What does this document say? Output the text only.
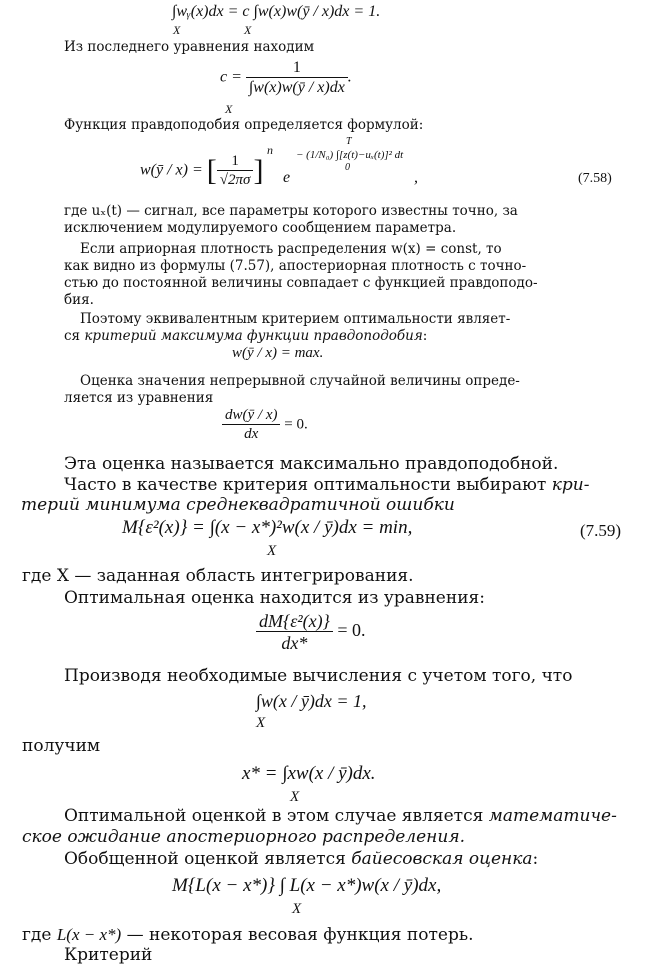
∫wᵧ(x)dx = c ∫w(x)w(ȳ / x)dx = 1.
X	X
Из последнего уравнения находим
$c = \frac{1}{\int w(x)w(ȳ / x)dx}$ .
X
Функция правдоподобия определяется формулой:
w(ȳ / x) = [ $\frac{1}{√2\pi\sigma}$ ]
n
e
− (1/N₀) ∫[z(t)−uₓ(t)]² dt
T
0
,	(7.58)
где uₓ(t) — сигнал, все параметры которого известны точно, за
исключением модулируемого сообщением параметра.
Если априорная плотность распределения w(x) = const, то
как видно из формулы (7.57), апостериорная плотность с точно-
стью до постоянной величины совпадает с функцией правдоподо-
бия.
Поэтому эквивалентным критерием оптимальности являет-
ся критерий максимума функции правдоподобия:
w(ȳ / x) = max.
Оценка значения непрерывной случайной величины опреде-
ляется из уравнения
$\frac{dw(ȳ / x)}{dx} = 0$.
Эта оценка называется максимально правдоподобной.
Часто в качестве критерия оптимальности выбирают кри-
терий минимума среднеквадратичной ошибки
M{ε²(x)} = ∫(x − x*)²w(x / ȳ)dx = min,
X
(7.59)
где X — заданная область интегрирования.
Оптимальная оценка находится из уравнения:
$\frac{\text{dM\{ε²(x)\}}}{dx*} = 0$.
Производя необходимые вычисления с учетом того, что
∫w(x / ȳ)dx = 1,
X
получим
x* = ∫xw(x / ȳ)dx.
X
Оптимальной оценкой в этом случае является математиче-
ское ожидание апостериорного распределения.
Обобщенной оценкой является байесовская оценка:
M{L(x − x*)} ∫ L(x − x*)w(x / ȳ)dx,
X
где L(x − x*) — некоторая весовая функция потерь.
Критерий
